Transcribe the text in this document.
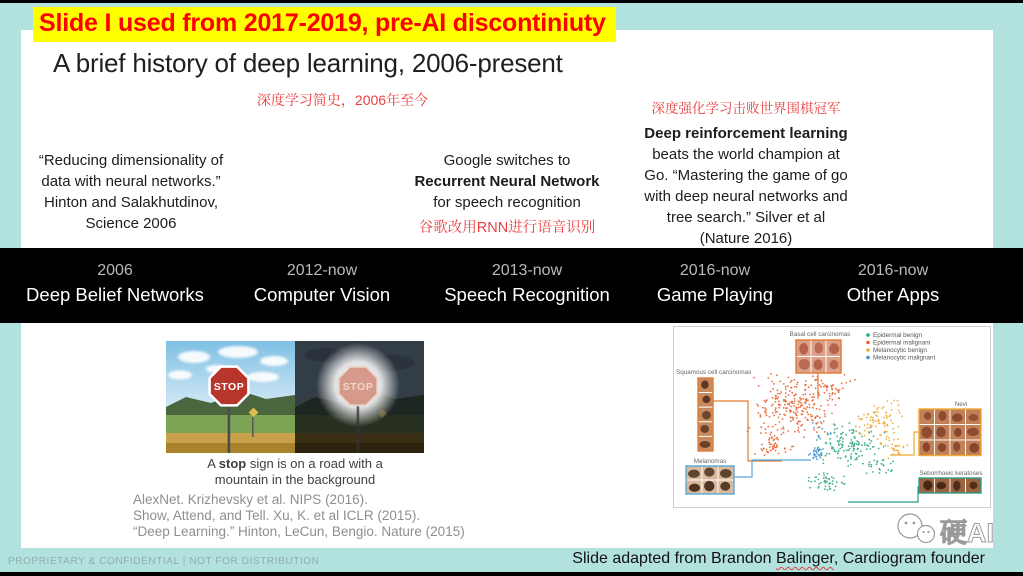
Slide I used from 2017-2019, pre-AI discontiniuty
A brief history of deep learning, 2006-present
深度学习简史，2006年至今
“Reducing dimensionality of
data with neural networks.”
Hinton and Salakhutdinov,
Science 2006
Google switches to
Recurrent Neural Network
for speech recognition
谷歌改用RNN进行语音识别
深度强化学习击败世界围棋冠军
Deep reinforcement learning
beats the world champion at
Go. “Mastering the game of go
with deep neural networks and
tree search.” Silver et al
(Nature 2016)
2006
Deep Belief Networks
2012-now
Computer Vision
2013-now
Speech Recognition
2016-now
Game Playing
2016-now
Other Apps
STOP	STOP
A stop sign is on a road with a
mountain in the background
AlexNet. Krizhevsky et al. NIPS (2016).
Show, Attend, and Tell. Xu, K. et al ICLR (2015).
“Deep Learning.” Hinton, LeCun, Bengio. Nature (2015)
Basal cell carcinomas
Squamous cell carcinomas
Melanomas
Nevi
Seborrhoeic keratoses
Epidermal benign
Epidermal malignant
Melanocytic benign
Melanocytic malignant
硬AI
PROPRIETARY & CONFIDENTIAL | NOT FOR DISTRIBUTION	Slide adapted from Brandon Balinger, Cardiogram founder
